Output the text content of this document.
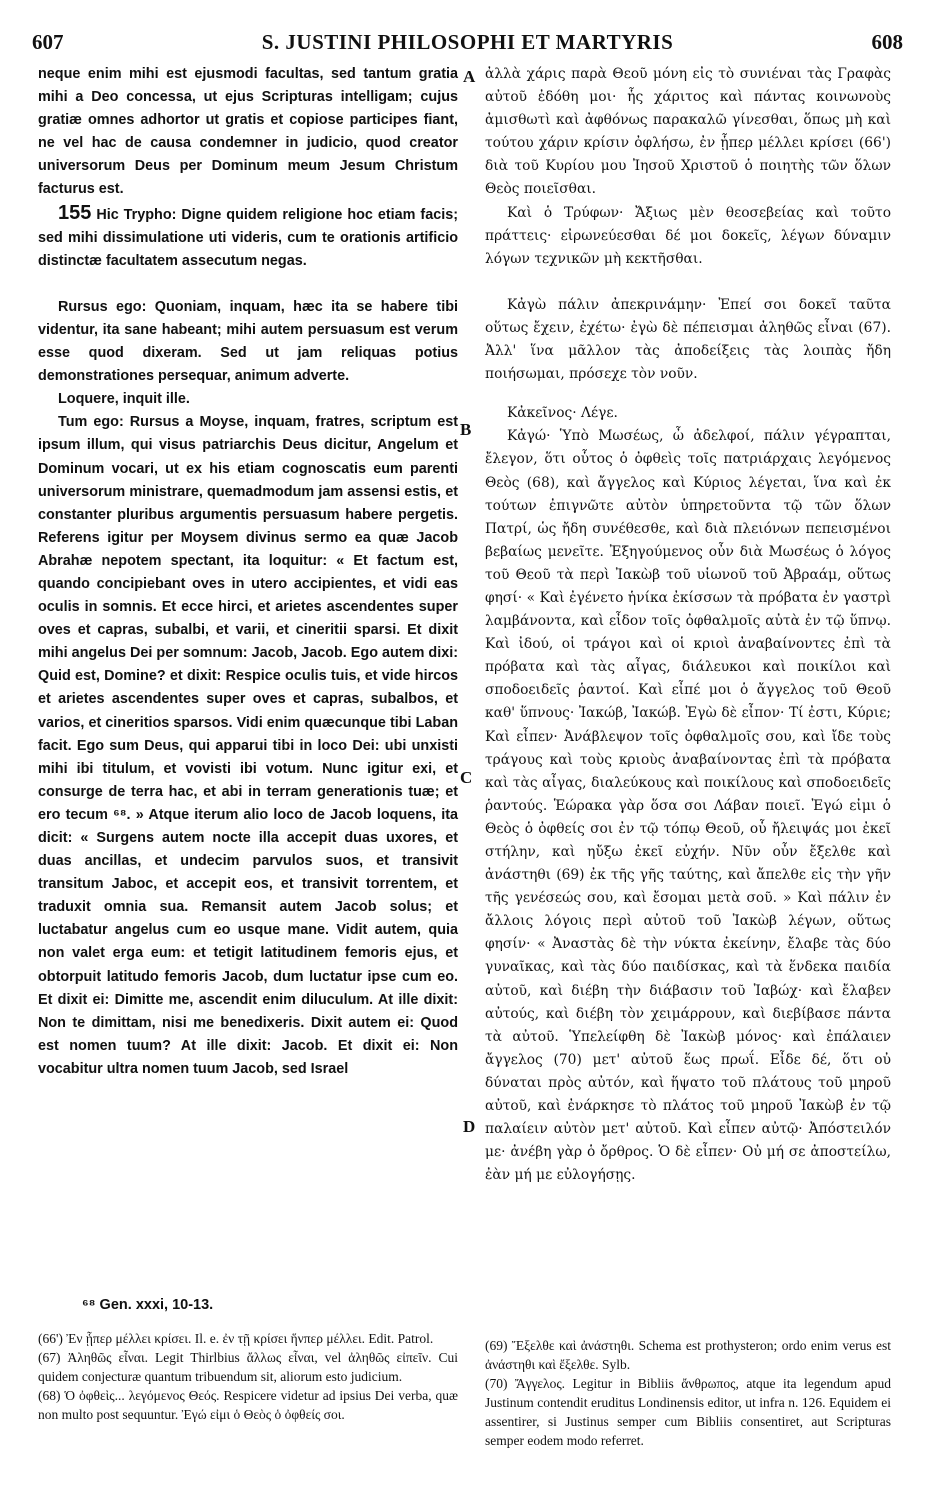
607	S. JUSTINI PHILOSOPHI ET MARTYRIS	608
A
B
C
D

neque enim mihi est ejusmodi facultas, sed tantum gratia mihi a Deo concessa, ut ejus Scripturas intelligam; cujus gratiæ omnes adhortor ut gratis et copiose participes fiant, ne vel hac de causa condemner in judicio, quod creator universorum Deus per Dominum meum Jesum Christum facturus est.

155 Hic Trypho: Digne quidem religione hoc etiam facis; sed mihi dissimulatione uti videris, cum te orationis artificio distinctæ facultatem assecutum negas.

Rursus ego: Quoniam, inquam, hæc ita se habere tibi videntur, ita sane habeant; mihi autem persuasum est verum esse quod dixeram. Sed ut jam reliquas potius demonstrationes persequar, animum adverte.

Loquere, inquit ille.

Tum ego: Rursus a Moyse, inquam, fratres, scriptum est ipsum illum, qui visus patriarchis Deus dicitur, Angelum et Dominum vocari, ut ex his etiam cognoscatis eum parenti universorum ministrare, quemadmodum jam assensi estis, et constanter pluribus argumentis persuasum habere pergetis. Referens igitur per Moysem divinus sermo ea quæ Jacob Abrahæ nepotem spectant, ita loquitur: « Et factum est, quando concipiebant oves in utero accipientes, et vidi eas oculis in somnis. Et ecce hirci, et arietes ascendentes super oves et capras, subalbi, et varii, et cineritii sparsi. Et dixit mihi angelus Dei per somnum: Jacob, Jacob. Ego autem dixi: Quid est, Domine? et dixit: Respice oculis tuis, et vide hircos et arietes ascendentes super oves et capras, subalbos, et varios, et cineritios sparsos. Vidi enim quæcunque tibi Laban facit. Ego sum Deus, qui apparui tibi in loco Dei: ubi unxisti mihi ibi titulum, et vovisti ibi votum. Nunc igitur exi, et consurge de terra hac, et abi in terram generationis tuæ; et ero tecum ⁶⁸. » Atque iterum alio loco de Jacob loquens, ita dicit: « Surgens autem nocte illa accepit duas uxores, et duas ancillas, et undecim parvulos suos, et transivit transitum Jaboc, et accepit eos, et transivit torrentem, et traduxit omnia sua. Remansit autem Jacob solus; et luctabatur angelus cum eo usque mane. Vidit autem, quia non valet erga eum: et tetigit latitudinem femoris ejus, et obtorpuit latitudo femoris Jacob, dum luctatur ipse cum eo. Et dixit ei: Dimitte me, ascendit enim diluculum. At ille dixit: Non te dimittam, nisi me benedixeris. Dixit autem ei: Quod est nomen tuum? At ille dixit: Jacob. Et dixit ei: Non vocabitur ultra nomen tuum Jacob, sed Israel

ἀλλὰ χάρις παρὰ Θεοῦ μόνη εἰς τὸ συνιέναι τὰς Γραφὰς αὐτοῦ ἐδόθη μοι· ἧς χάριτος καὶ πάντας κοινωνοὺς ἀμισθωτὶ καὶ ἀφθόνως παρακαλῶ γίνεσθαι, ὅπως μὴ καὶ τούτου χάριν κρίσιν ὀφλήσω, ἐν ᾗπερ μέλλει κρίσει (66') διὰ τοῦ Κυρίου μου Ἰησοῦ Χριστοῦ ὁ ποιητὴς τῶν ὅλων Θεὸς ποιεῖσθαι.

Καὶ ὁ Τρύφων· Ἄξιως μὲν θεοσεβείας καὶ τοῦτο πράττεις· εἰρωνεύεσθαι δέ μοι δοκεῖς, λέγων δύναμιν λόγων τεχνικῶν μὴ κεκτῆσθαι.

Κἀγὼ πάλιν ἀπεκρινάμην· Ἐπεί σοι δοκεῖ ταῦτα οὕτως ἔχειν, ἐχέτω· ἐγὼ δὲ πέπεισμαι ἀληθῶς εἶναι (67). Ἀλλ' ἵνα μᾶλλον τὰς ἀποδείξεις τὰς λοιπὰς ἤδη ποιήσωμαι, πρόσεχε τὸν νοῦν.

Κἀκεῖνος· Λέγε.

Κἀγώ· Ὑπὸ Μωσέως, ὦ ἀδελφοί, πάλιν γέγραπται, ἔλεγον, ὅτι οὗτος ὁ ὀφθεὶς τοῖς πατριάρχαις λεγόμενος Θεὸς (68), καὶ ἄγγελος καὶ Κύριος λέγεται, ἵνα καὶ ἐκ τούτων ἐπιγνῶτε αὐτὸν ὑπηρετοῦντα τῷ τῶν ὅλων Πατρί, ὡς ἤδη συνέθεσθε, καὶ διὰ πλειόνων πεπεισμένοι βεβαίως μενεῖτε. Ἐξηγούμενος οὖν διὰ Μωσέως ὁ λόγος τοῦ Θεοῦ τὰ περὶ Ἰακὼβ τοῦ υἱωνοῦ τοῦ Ἀβραάμ, οὕτως φησί· « Καὶ ἐγένετο ἡνίκα ἐκίσσων τὰ πρόβατα ἐν γαστρὶ λαμβάνοντα, καὶ εἶδον τοῖς ὀφθαλμοῖς αὐτὰ ἐν τῷ ὕπνῳ. Καὶ ἰδού, οἱ τράγοι καὶ οἱ κριοὶ ἀναβαίνοντες ἐπὶ τὰ πρόβατα καὶ τὰς αἶγας, διάλευκοι καὶ ποικίλοι καὶ σποδοειδεῖς ῥαντοί. Καὶ εἶπέ μοι ὁ ἄγγελος τοῦ Θεοῦ καθ' ὕπνους· Ἰακώβ, Ἰακώβ. Ἐγὼ δὲ εἶπον· Τί ἐστι, Κύριε; Καὶ εἶπεν· Ἀνάβλεψον τοῖς ὀφθαλμοῖς σου, καὶ ἴδε τοὺς τράγους καὶ τοὺς κριοὺς ἀναβαίνοντας ἐπὶ τὰ πρόβατα καὶ τὰς αἶγας, διαλεύκους καὶ ποικίλους καὶ σποδοειδεῖς ῥαντούς. Ἑώρακα γὰρ ὅσα σοι Λάβαν ποιεῖ. Ἐγώ εἰμι ὁ Θεὸς ὁ ὀφθείς σοι ἐν τῷ τόπῳ Θεοῦ, οὗ ἤλειψάς μοι ἐκεῖ στήλην, καὶ ηὔξω ἐκεῖ εὐχήν. Νῦν οὖν ἔξελθε καὶ ἀνάστηθι (69) ἐκ τῆς γῆς ταύτης, καὶ ἄπελθε εἰς τὴν γῆν τῆς γενέσεώς σου, καὶ ἔσομαι μετὰ σοῦ. » Καὶ πάλιν ἐν ἄλλοις λόγοις περὶ αὐτοῦ τοῦ Ἰακὼβ λέγων, οὕτως φησίν· « Ἀναστὰς δὲ τὴν νύκτα ἐκείνην, ἔλαβε τὰς δύο γυναῖκας, καὶ τὰς δύο παιδίσκας, καὶ τὰ ἕνδεκα παιδία αὐτοῦ, καὶ διέβη τὴν διάβασιν τοῦ Ἰαβώχ· καὶ ἔλαβεν αὐτούς, καὶ διέβη τὸν χειμάρρουν, καὶ διεβίβασε πάντα τὰ αὐτοῦ. Ὑπελείφθη δὲ Ἰακὼβ μόνος· καὶ ἐπάλαιεν ἄγγελος (70) μετ' αὐτοῦ ἕως πρωΐ. Εἶδε δέ, ὅτι οὐ δύναται πρὸς αὐτόν, καὶ ἥψατο τοῦ πλάτους τοῦ μηροῦ αὐτοῦ, καὶ ἐνάρκησε τὸ πλάτος τοῦ μηροῦ Ἰακὼβ ἐν τῷ παλαίειν αὐτὸν μετ' αὐτοῦ. Καὶ εἶπεν αὐτῷ· Ἀπόστειλόν με· ἀνέβη γὰρ ὁ ὄρθρος. Ὁ δὲ εἶπεν· Οὐ μή σε ἀποστείλω, ἐὰν μή με εὐλογήσῃς.

⁶⁸ Gen. xxxi, 10-13.

(66') Ἐν ᾗπερ μέλλει κρίσει. Il. e. ἐν τῇ κρίσει ἥνπερ μέλλει. Edit. Patrol.

(67) Ἀληθῶς εἶναι. Legit Thirlbius ἄλλως εἶναι, vel ἀληθῶς εἰπεῖν. Cui quidem conjecturæ quantum tribuendum sit, aliorum esto judicium.

(68) Ὁ ὀφθεὶς... λεγόμενος Θεός. Respicere videtur ad ipsius Dei verba, quæ non multo post sequuntur. Ἐγώ εἰμι ὁ Θεὸς ὁ ὀφθείς σοι.

(69) Ἔξελθε καὶ ἀνάστηθι. Schema est prothysteron; ordo enim verus est ἀνάστηθι καὶ ἔξελθε. Sylb.

(70) Ἄγγελος. Legitur in Bibliis ἄνθρωπος, atque ita legendum apud Justinum contendit eruditus Londinensis editor, ut infra n. 126. Equidem ei assentirer, si Justinus semper cum Bibliis consentiret, aut Scripturas semper eodem modo referret.
